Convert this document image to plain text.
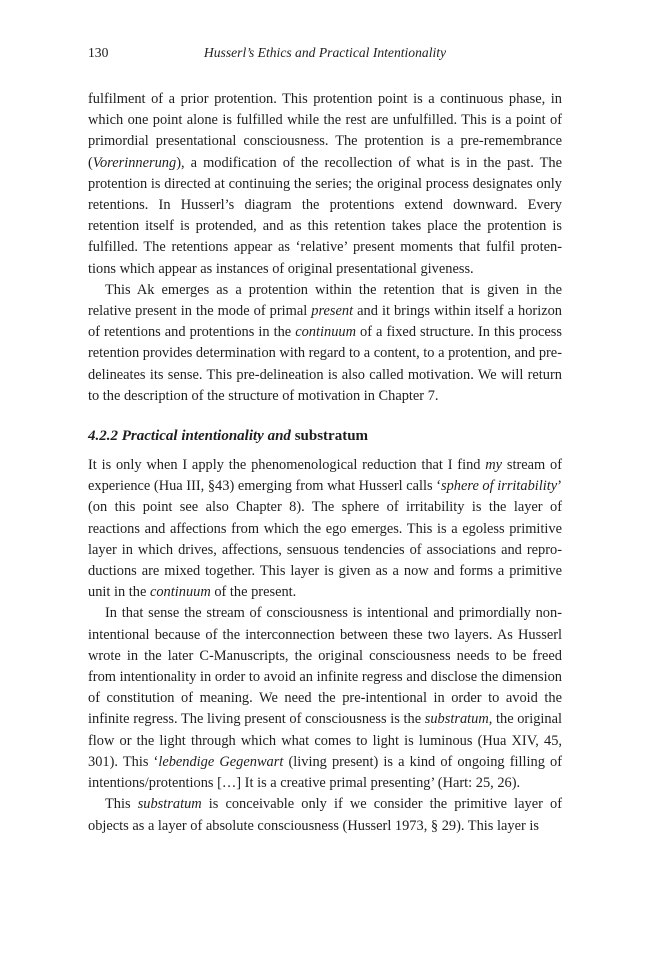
130	Husserl’s Ethics and Practical Intentionality

fulfilment of a prior protention. This protention point is a continuous phase, in which one point alone is fulfilled while the rest are unfulfilled. This is a point of primordial presentational consciousness. The protention is a pre-remembrance (Vorerinnerung), a modification of the recollection of what is in the past. The protention is directed at continuing the series; the original process designates only retentions. In Husserl’s diagram the protentions extend downward. Every retention itself is protended, and as this retention takes place the protention is fulfilled. The retentions appear as ‘relative’ present moments that fulfil protentions which appear as instances of original presentational giveness.

This Ak emerges as a protention within the retention that is given in the relative present in the mode of primal present and it brings within itself a horizon of retentions and protentions in the continuum of a fixed structure. In this process retention provides determination with regard to a content, to a protention, and pre-delineates its sense. This pre-delineation is also called motivation. We will return to the description of the structure of motivation in Chapter 7.

4.2.2 Practical intentionality and substratum

It is only when I apply the phenomenological reduction that I find my stream of experience (Hua III, §43) emerging from what Husserl calls ‘sphere of irritability’ (on this point see also Chapter 8). The sphere of irritability is the layer of reactions and affections from which the ego emerges. This is a egoless primitive layer in which drives, affections, sensuous tendencies of associations and reproductions are mixed together. This layer is given as a now and forms a primitive unit in the continuum of the present.

In that sense the stream of consciousness is intentional and primordially non-intentional because of the interconnection between these two layers. As Husserl wrote in the later C-Manuscripts, the original consciousness needs to be freed from intentionality in order to avoid an infinite regress and disclose the dimension of constitution of meaning. We need the pre-intentional in order to avoid the infinite regress. The living present of consciousness is the substratum, the original flow or the light through which what comes to light is luminous (Hua XIV, 45, 301). This ‘lebendige Gegenwart (living present) is a kind of ongoing filling of intentions/protentions […] It is a creative primal presenting’ (Hart: 25, 26).

This substratum is conceivable only if we consider the primitive layer of objects as a layer of absolute consciousness (Husserl 1973, § 29). This layer is
